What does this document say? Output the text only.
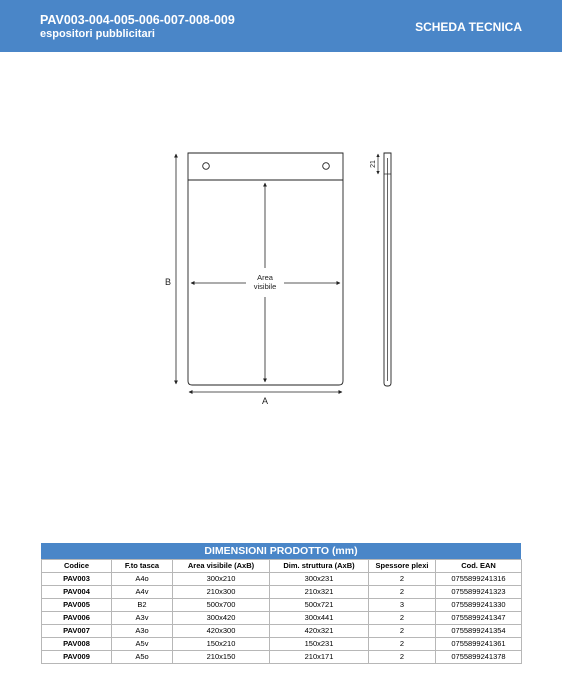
PAV003-004-005-006-007-008-009
espositori pubblicitari	SCHEDA TECNICA
Area
visibile
B
A
21
DIMENSIONI PRODOTTO (mm)
Codice	F.to tasca	Area visibile (AxB)	Dim. struttura (AxB)	Spessore plexi	Cod. EAN
PAV003	A4o	300x210	300x231	2	0755899241316
PAV004	A4v	210x300	210x321	2	0755899241323
PAV005	B2	500x700	500x721	3	0755899241330
PAV006	A3v	300x420	300x441	2	0755899241347
PAV007	A3o	420x300	420x321	2	0755899241354
PAV008	A5v	150x210	150x231	2	0755899241361
PAV009	A5o	210x150	210x171	2	0755899241378
